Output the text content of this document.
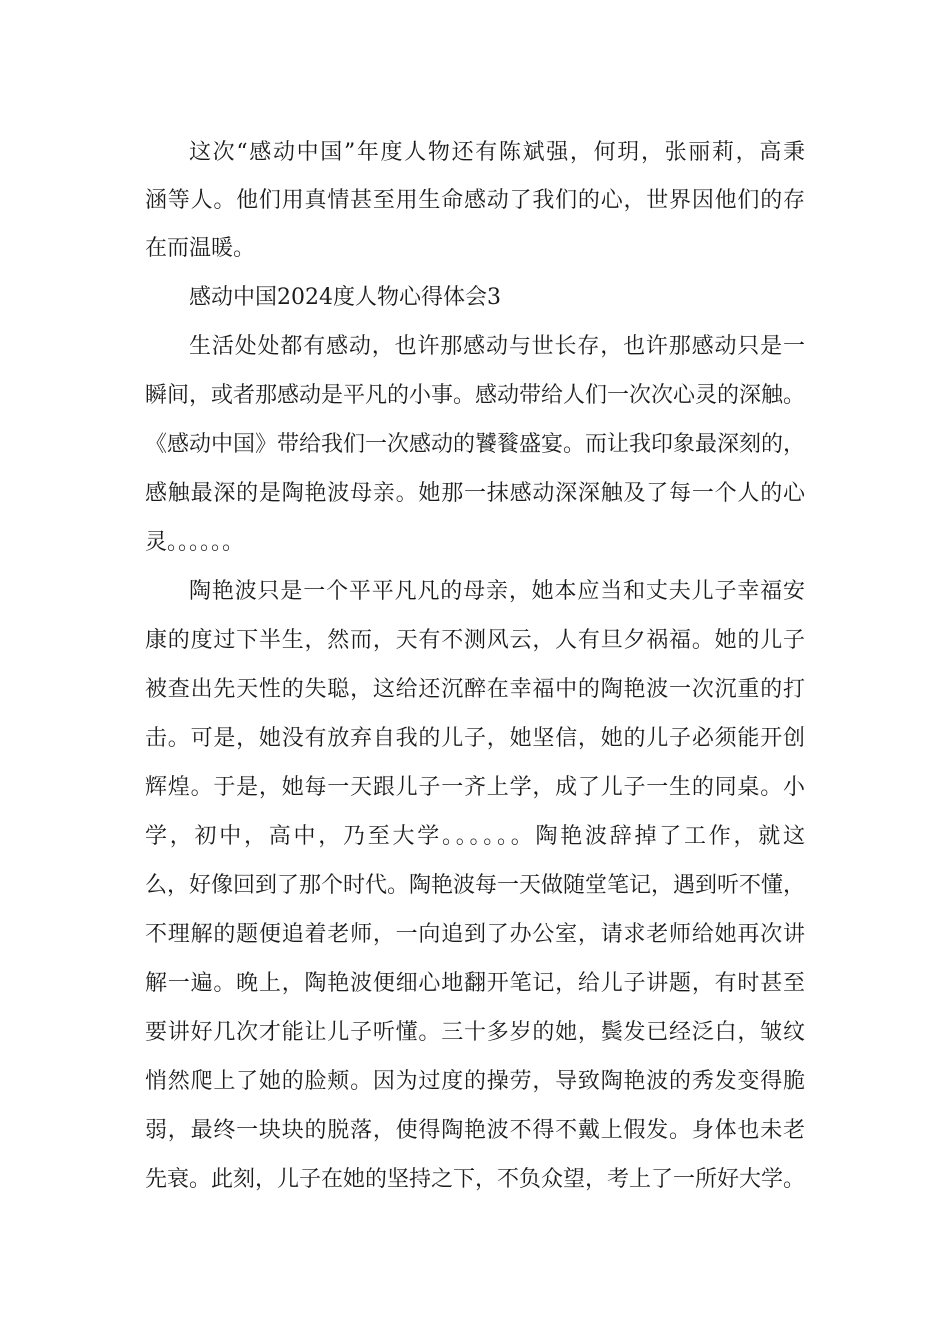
这次“感动中国”年度人物还有陈斌强，何玥，张丽莉，高秉

涵等人。他们用真情甚至用生命感动了我们的心，世界因他们的存

在而温暖。

感动中国2024度人物心得体会3

生活处处都有感动，也许那感动与世长存，也许那感动只是一

瞬间，或者那感动是平凡的小事。感动带给人们一次次心灵的深触。

《感动中国》带给我们一次感动的饕餮盛宴。而让我印象最深刻的，

感触最深的是陶艳波母亲。她那一抹感动深深触及了每一个人的心

灵。。。。。。

陶艳波只是一个平平凡凡的母亲，她本应当和丈夫儿子幸福安

康的度过下半生，然而，天有不测风云，人有旦夕祸福。她的儿子

被查出先天性的失聪，这给还沉醉在幸福中的陶艳波一次沉重的打

击。可是，她没有放弃自我的儿子，她坚信，她的儿子必须能开创

辉煌。于是，她每一天跟儿子一齐上学，成了儿子一生的同桌。小

学，初中，高中，乃至大学。。。。。。陶艳波辞掉了工作，就这

么，好像回到了那个时代。陶艳波每一天做随堂笔记，遇到听不懂，

不理解的题便追着老师，一向追到了办公室，请求老师给她再次讲

解一遍。晚上，陶艳波便细心地翻开笔记，给儿子讲题，有时甚至

要讲好几次才能让儿子听懂。三十多岁的她，鬓发已经泛白，皱纹

悄然爬上了她的脸颊。因为过度的操劳，导致陶艳波的秀发变得脆

弱，最终一块块的脱落，使得陶艳波不得不戴上假发。身体也未老

先衰。此刻，儿子在她的坚持之下，不负众望，考上了一所好大学。
